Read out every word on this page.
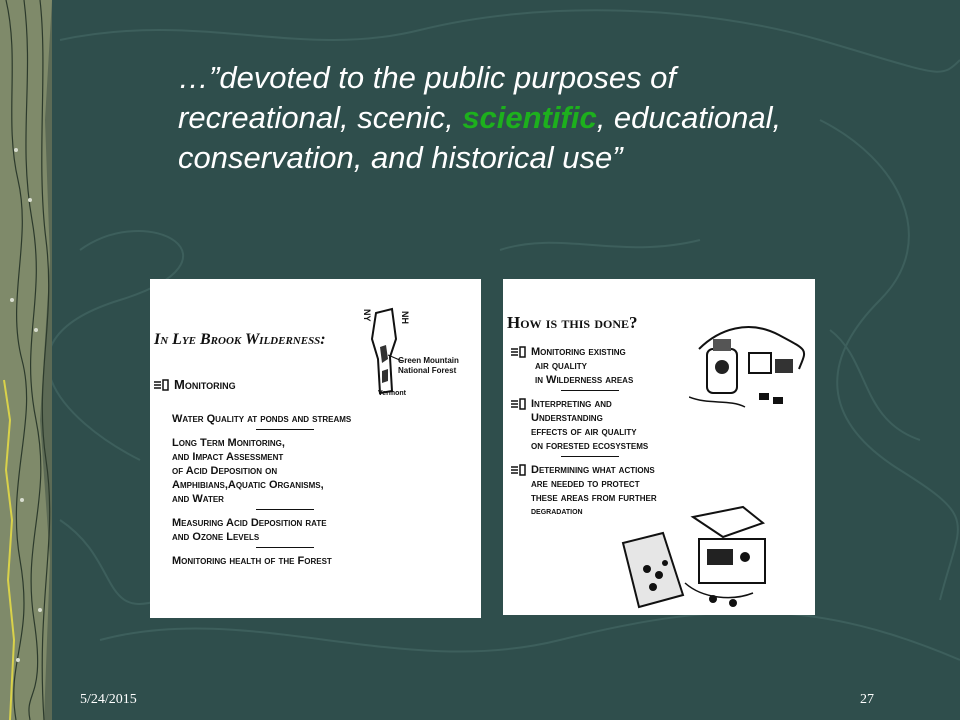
…”devoted to the public purposes of recreational, scenic, scientific, educational, conservation, and historical use”

In Lye Brook Wilderness:

NY	NH
Green Mountain
National Forest
Vermont
Monitoring

Water Quality at ponds and streams

Long Term Monitoring,

and Impact Assessment

of Acid Deposition on

Amphibians,Aquatic Organisms,

and Water

Measuring Acid Deposition rate

and Ozone Levels

Monitoring health of the Forest

How is this done?

Monitoring existing

air quality

in Wilderness areas

Interpreting and

Understanding

effects of air quality

on forested ecosystems

Determining what actions

are needed to protect

these areas from further

degradation

5/24/2015	27
